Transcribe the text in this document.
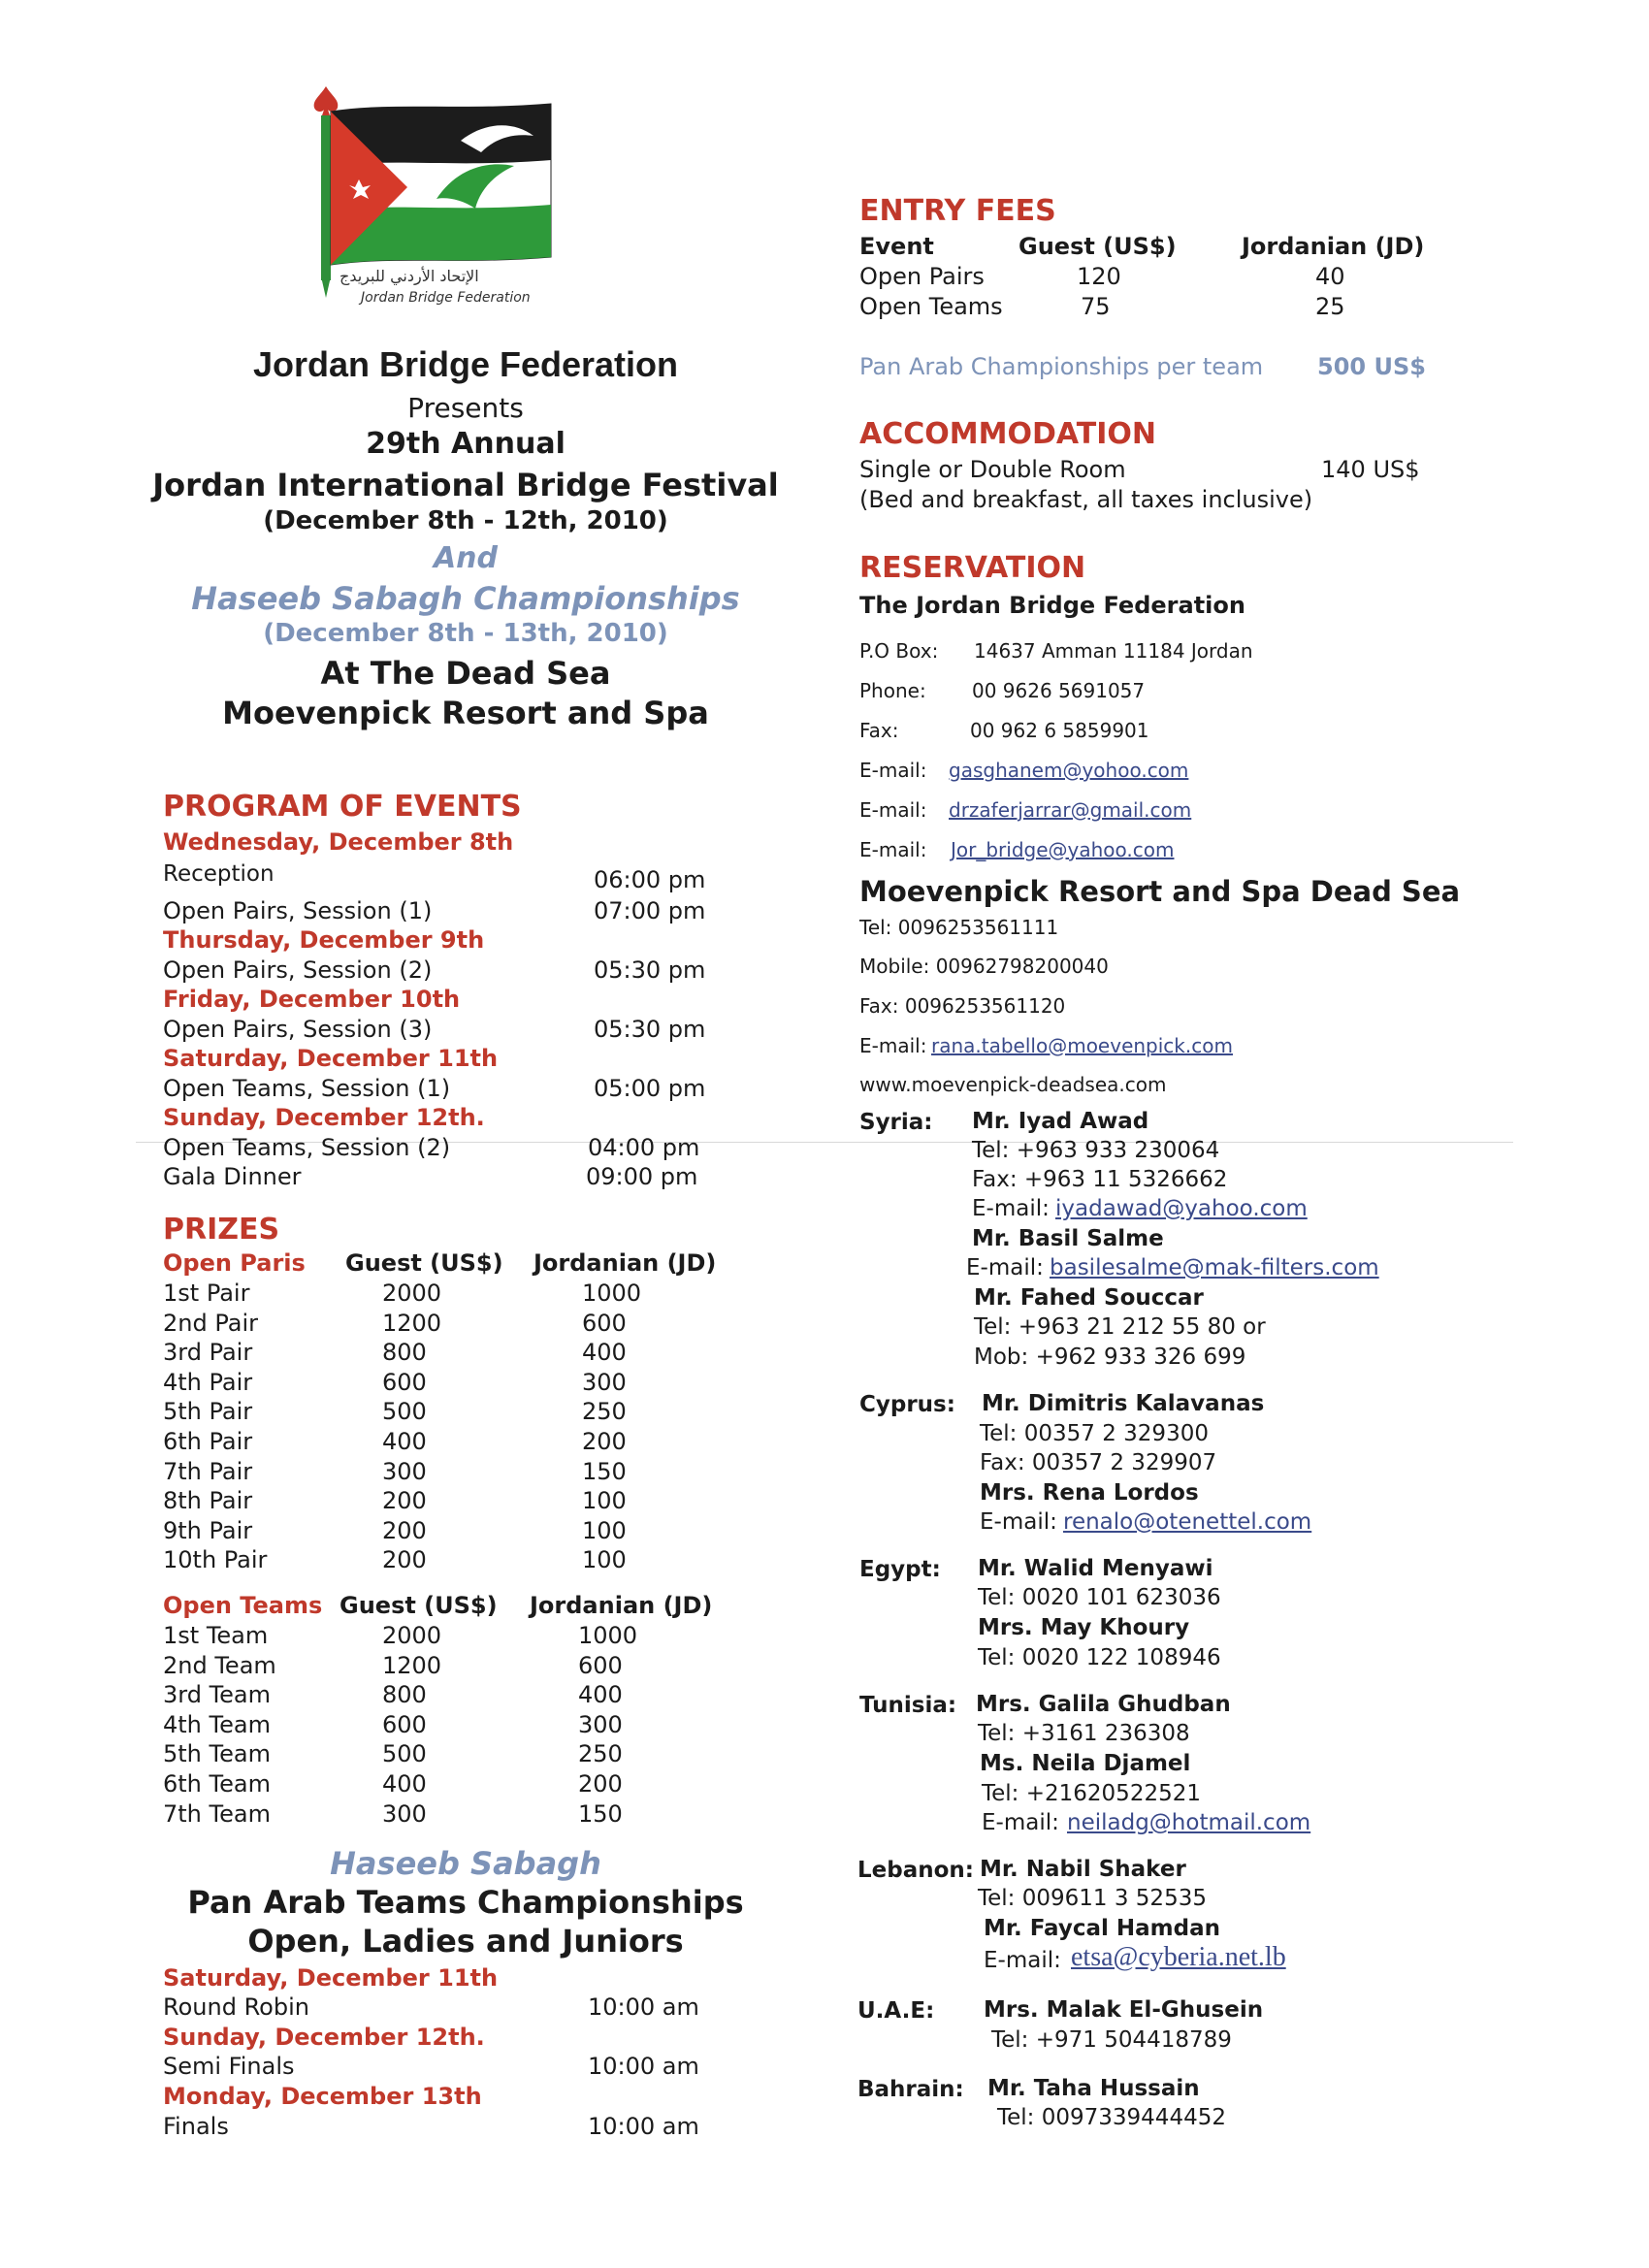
الإتحاد الأردني للبريدج
Jordan Bridge Federation
Jordan Bridge Federation
Presents
29th Annual
Jordan International Bridge Festival
(December 8th - 12th, 2010)
And
Haseeb Sabagh Championships
(December 8th - 13th, 2010)
At The Dead Sea
Moevenpick Resort and Spa
PROGRAM OF EVENTS
Wednesday, December 8th
Reception	06:00 pm
Open Pairs, Session (1)	07:00 pm
Thursday, December 9th
Open Pairs, Session (2)	05:30 pm
Friday, December 10th
Open Pairs, Session (3)	05:30 pm
Saturday, December 11th
Open Teams, Session (1)	05:00 pm
Sunday, December 12th.
Open Teams, Session (2)	04:00 pm
Gala Dinner	09:00 pm
PRIZES
Open Paris Guest (US$) Jordanian (JD)
1st Pair	2000	1000
2nd Pair	1200	600
3rd Pair	800	400
4th Pair	600	300
5th Pair	500	250
6th Pair	400	200
7th Pair	300	150
8th Pair	200	100
9th Pair	200	100
10th Pair	200	100
Open Teams Guest (US$) Jordanian (JD)
1st Team	2000	1000
2nd Team	1200	600
3rd Team	800	400
4th Team	600	300
5th Team	500	250
6th Team	400	200
7th Team	300	150
Haseeb Sabagh
Pan Arab Teams Championships
Open, Ladies and Juniors
Saturday, December 11th
Round Robin	10:00 am
Sunday, December 12th.
Semi Finals	10:00 am
Monday, December 13th
Finals	10:00 am
ENTRY FEES
Event	Guest (US$)	Jordanian (JD)
Open Pairs	120	40
Open Teams	75	25
Pan Arab Championships per team 500 US$
ACCOMMODATION
Single or Double Room	140 US$
(Bed and breakfast, all taxes inclusive)
RESERVATION
The Jordan Bridge Federation
P.O Box: 14637 Amman 11184 Jordan
Phone: 00 9626 5691057
Fax:	00 962 6 5859901
E-mail: gasghanem@yohoo.com
E-mail: drzaferjarrar@gmail.com
E-mail: Jor_bridge@yahoo.com
Moevenpick Resort and Spa Dead Sea
Tel: 0096253561111
Mobile: 00962798200040
Fax: 0096253561120
E-mail: rana.tabello@moevenpick.com
www.moevenpick-deadsea.com
Syria: Mr. Iyad Awad
Tel: +963 933 230064
Fax: +963 11 5326662
E-mail: iyadawad@yahoo.com
Mr. Basil Salme
E-mail: basilesalme@mak-filters.com
Mr. Fahed Souccar
Tel: +963 21 212 55 80 or
Mob: +962 933 326 699
Cyprus: Mr. Dimitris Kalavanas
Tel: 00357 2 329300
Fax: 00357 2 329907
Mrs. Rena Lordos
E-mail: renalo@otenettel.com
Egypt: Mr. Walid Menyawi
Tel: 0020 101 623036
Mrs. May Khoury
Tel: 0020 122 108946
Tunisia: Mrs. Galila Ghudban
Tel: +3161 236308
Ms. Neila Djamel
Tel: +21620522521
E-mail: neiladg@hotmail.com
Lebanon: Mr. Nabil Shaker
Tel: 009611 3 52535
Mr. Faycal Hamdan
E-mail: etsa@cyberia.net.lb
U.A.E: Mrs. Malak El-Ghusein
Tel: +971 504418789
Bahrain: Mr. Taha Hussain
Tel: 0097339444452
